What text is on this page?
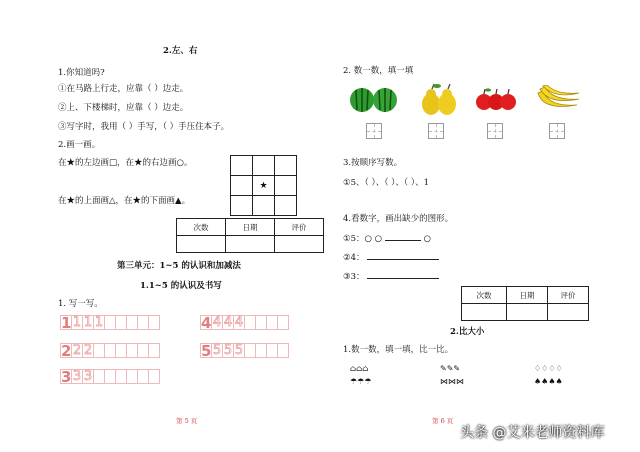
2.左、右
1.你知道吗?
①在马路上行走，应靠（ ）边走。
②上、下楼梯时，应靠（ ）边走。
③写字时，我用（ ）手写，（ ）手压住本子。
2.画一画。
在★的左边画□，在★的右边画○。
在★的上面画△，在★的下面画▲。

	★	

次数	日期	评价

第三单元：1~5 的认识和加减法
1.1~5 的认识及书写
1. 写一写。
1 1 1 1
2 2 2
3 3 3
4 4 4 4
5 5 5 5
第 5 页
2. 数一数，填一填
3.按顺序写数。
①5、（ ）、（ ）、（ ）、1
4.看数字，画出缺少的图形。
①5：○ ○	○
②4：
③3：
次数	日期	评价

2.比大小
1.数一数，填一填，比一比。
⌂⌂⌂
☂☂☂
✎✎✎
⋈⋈⋈
♢♢♢♢
♠♠♠♠
第 6 页
头条 @艾米老师资料库
